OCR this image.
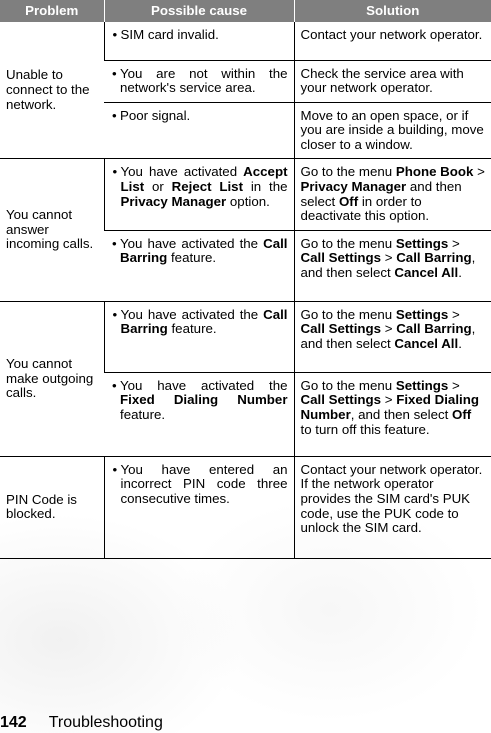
Problem	Possible cause	Solution
Unable to connect to the network.	• SIM card invalid.	Contact your network operator.

	• You are not within the network's service area.	Check the service area with your network operator.

	• Poor signal.	Move to an open space, or if you are inside a building, move closer to a window.
You cannot answer incoming calls.	• You have activated Accept List or Reject List in the Privacy Manager option.	Go to the menu Phone Book > Privacy Manager and then select Off in order to deactivate this option.

	• You have activated the Call Barring feature.	Go to the menu Settings > Call Settings > Call Barring, and then select Cancel All.
You cannot make outgoing calls.	• You have activated the Call Barring feature.	Go to the menu Settings > Call Settings > Call Barring, and then select Cancel All.

	• You have activated the Fixed Dialing Number feature.	Go to the menu Settings > Call Settings > Fixed Dialing Number, and then select Off to turn off this feature.
PIN Code is blocked.	• You have entered an incorrect PIN code three consecutive times.	Contact your network operator. If the network operator provides the SIM card's PUK code, use the PUK code to unlock the SIM card.
142 Troubleshooting
